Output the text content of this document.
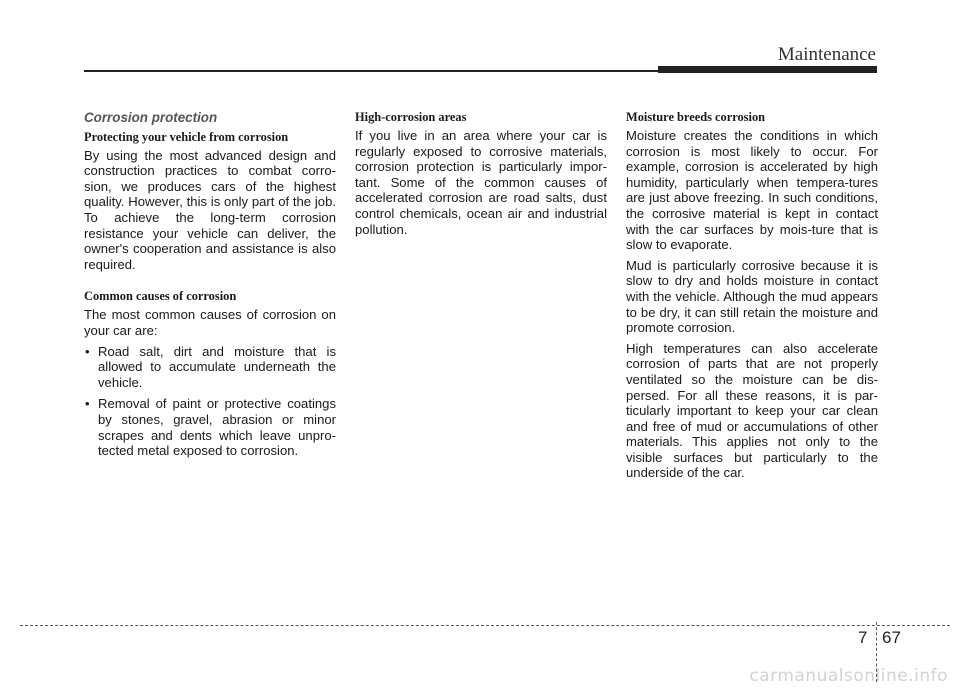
Maintenance
Corrosion protection
Protecting your vehicle from corrosion
By using the most advanced design and construction practices to combat corro-sion, we produces cars of the highest quality. However, this is only part of the job. To achieve the long-term corrosion resistance your vehicle can deliver, the owner's cooperation and assistance is also required.
Common causes of corrosion
The most common causes of corrosion on your car are:
• Road salt, dirt and moisture that is allowed to accumulate underneath the vehicle.
• Removal of paint or protective coatings by stones, gravel, abrasion or minor scrapes and dents which leave unpro-tected metal exposed to corrosion.
High-corrosion areas
If you live in an area where your car is regularly exposed to corrosive materials, corrosion protection is particularly impor-tant. Some of the common causes of accelerated corrosion are road salts, dust control chemicals, ocean air and industrial pollution.
Moisture breeds corrosion
Moisture creates the conditions in which corrosion is most likely to occur. For example, corrosion is accelerated by high humidity, particularly when tempera-tures are just above freezing. In such conditions, the corrosive material is kept in contact with the car surfaces by mois-ture that is slow to evaporate.
Mud is particularly corrosive because it is slow to dry and holds moisture in contact with the vehicle. Although the mud appears to be dry, it can still retain the moisture and promote corrosion.
High temperatures can also accelerate corrosion of parts that are not properly ventilated so the moisture can be dis-persed. For all these reasons, it is par-ticularly important to keep your car clean and free of mud or accumulations of other materials. This applies not only to the visible surfaces but particularly to the underside of the car.
7 67
carmanualsonline.info
